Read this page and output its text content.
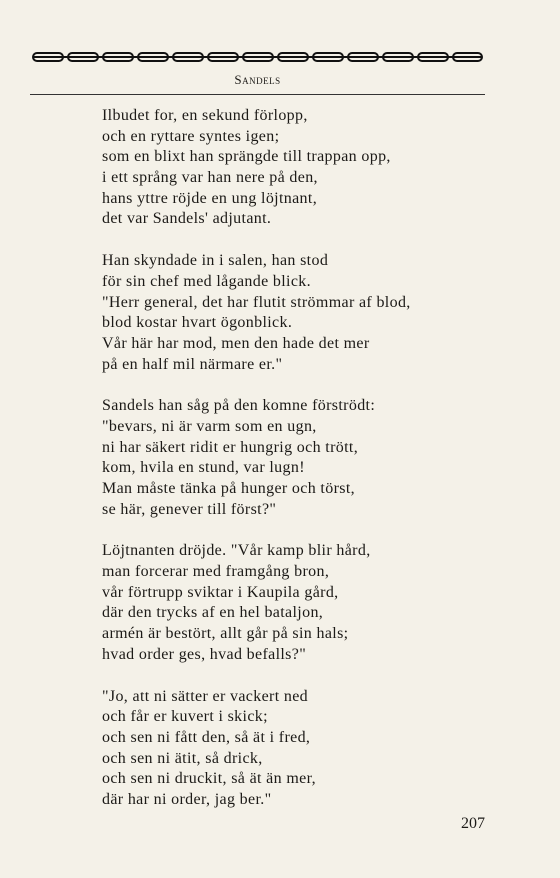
Sandels
Ilbudet for, en sekund förlopp,
och en ryttare syntes igen;
som en blixt han sprängde till trappan opp,
i ett språng var han nere på den,
hans yttre röjde en ung löjtnant,
det var Sandels' adjutant.
Han skyndade in i salen, han stod
för sin chef med lågande blick.
"Herr general, det har flutit strömmar af blod,
blod kostar hvart ögonblick.
Vår här har mod, men den hade det mer
på en half mil närmare er."
Sandels han såg på den komne förströdt:
"bevars, ni är varm som en ugn,
ni har säkert ridit er hungrig och trött,
kom, hvila en stund, var lugn!
Man måste tänka på hunger och törst,
se här, genever till först?"
Löjtnanten dröjde. "Vår kamp blir hård,
man forcerar med framgång bron,
vår förtrupp sviktar i Kaupila gård,
där den trycks af en hel bataljon,
armén är bestört, allt går på sin hals;
hvad order ges, hvad befalls?"
"Jo, att ni sätter er vackert ned
och får er kuvert i skick;
och sen ni fått den, så ät i fred,
och sen ni ätit, så drick,
och sen ni druckit, så ät än mer,
där har ni order, jag ber."
207
